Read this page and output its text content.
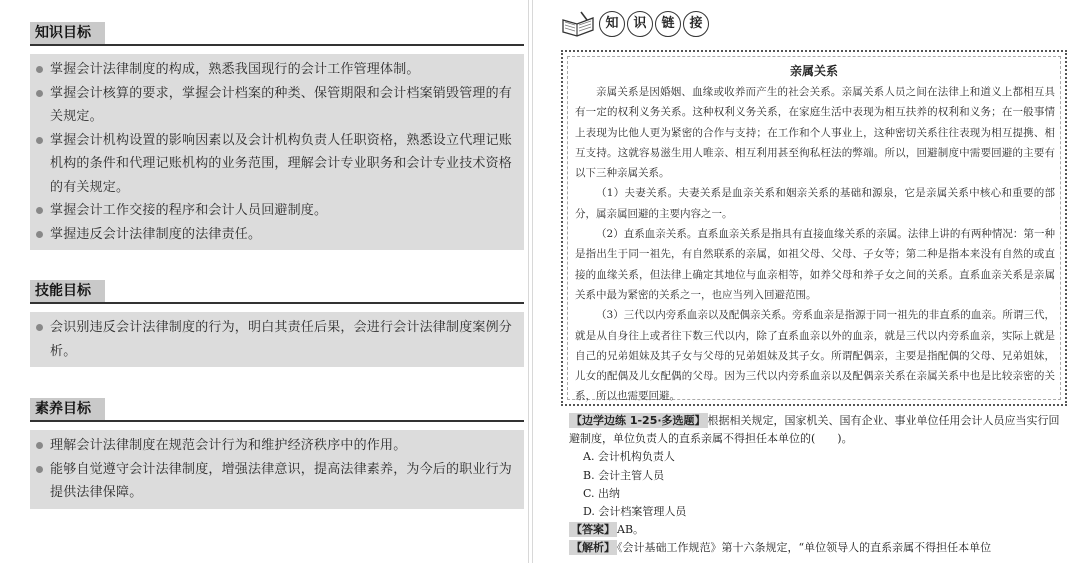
知识目标
掌握会计法律制度的构成，熟悉我国现行的会计工作管理体制。
掌握会计核算的要求，掌握会计档案的种类、保管期限和会计档案销毁管理的有关规定。
掌握会计机构设置的影响因素以及会计机构负责人任职资格，熟悉设立代理记账机构的条件和代理记账机构的业务范围，理解会计专业职务和会计专业技术资格的有关规定。
掌握会计工作交接的程序和会计人员回避制度。
掌握违反会计法律制度的法律责任。
技能目标
会识别违反会计法律制度的行为，明白其责任后果，会进行会计法律制度案例分析。
素养目标
理解会计法律制度在规范会计行为和维护经济秩序中的作用。
能够自觉遵守会计法律制度，增强法律意识，提高法律素养，为今后的职业行为提供法律保障。
知	识	链	接
亲属关系

亲属关系是因婚姻、血缘或收养而产生的社会关系。亲属关系人员之间在法律上和道义上都相互具有一定的权利义务关系。这种权利义务关系，在家庭生活中表现为相互扶养的权利和义务；在一般事情上表现为比他人更为紧密的合作与支持；在工作和个人事业上，这种密切关系往往表现为相互提携、相互支持。这就容易滋生用人唯亲、相互利用甚至徇私枉法的弊端。所以，回避制度中需要回避的主要有以下三种亲属关系。

（1）夫妻关系。夫妻关系是血亲关系和姻亲关系的基础和源泉，它是亲属关系中核心和重要的部分，属亲属回避的主要内容之一。

（2）直系血亲关系。直系血亲关系是指具有直接血缘关系的亲属。法律上讲的有两种情况：第一种是指出生于同一祖先，有自然联系的亲属，如祖父母、父母、子女等；第二种是指本来没有自然的或直接的血缘关系，但法律上确定其地位与血亲相等，如养父母和养子女之间的关系。直系血亲关系是亲属关系中最为紧密的关系之一，也应当列入回避范围。

（3）三代以内旁系血亲以及配偶亲关系。旁系血亲是指源于同一祖先的非直系的血亲。所谓三代，就是从自身往上或者往下数三代以内，除了直系血亲以外的血亲，就是三代以内旁系血亲，实际上就是自己的兄弟姐妹及其子女与父母的兄弟姐妹及其子女。所谓配偶亲，主要是指配偶的父母、兄弟姐妹，儿女的配偶及儿女配偶的父母。因为三代以内旁系血亲以及配偶亲关系在亲属关系中也是比较亲密的关系，所以也需要回避。

【边学边练 1-25·多选题】 根据相关规定，国家机关、国有企业、事业单位任用会计人员应当实行回避制度，单位负责人的直系亲属不得担任本单位的(　　)。
A. 会计机构负责人
B. 会计主管人员
C. 出纳
D. 会计档案管理人员
【答案】 AB。
【解析】 《会计基础工作规范》第十六条规定，“单位领导人的直系亲属不得担任本单位
